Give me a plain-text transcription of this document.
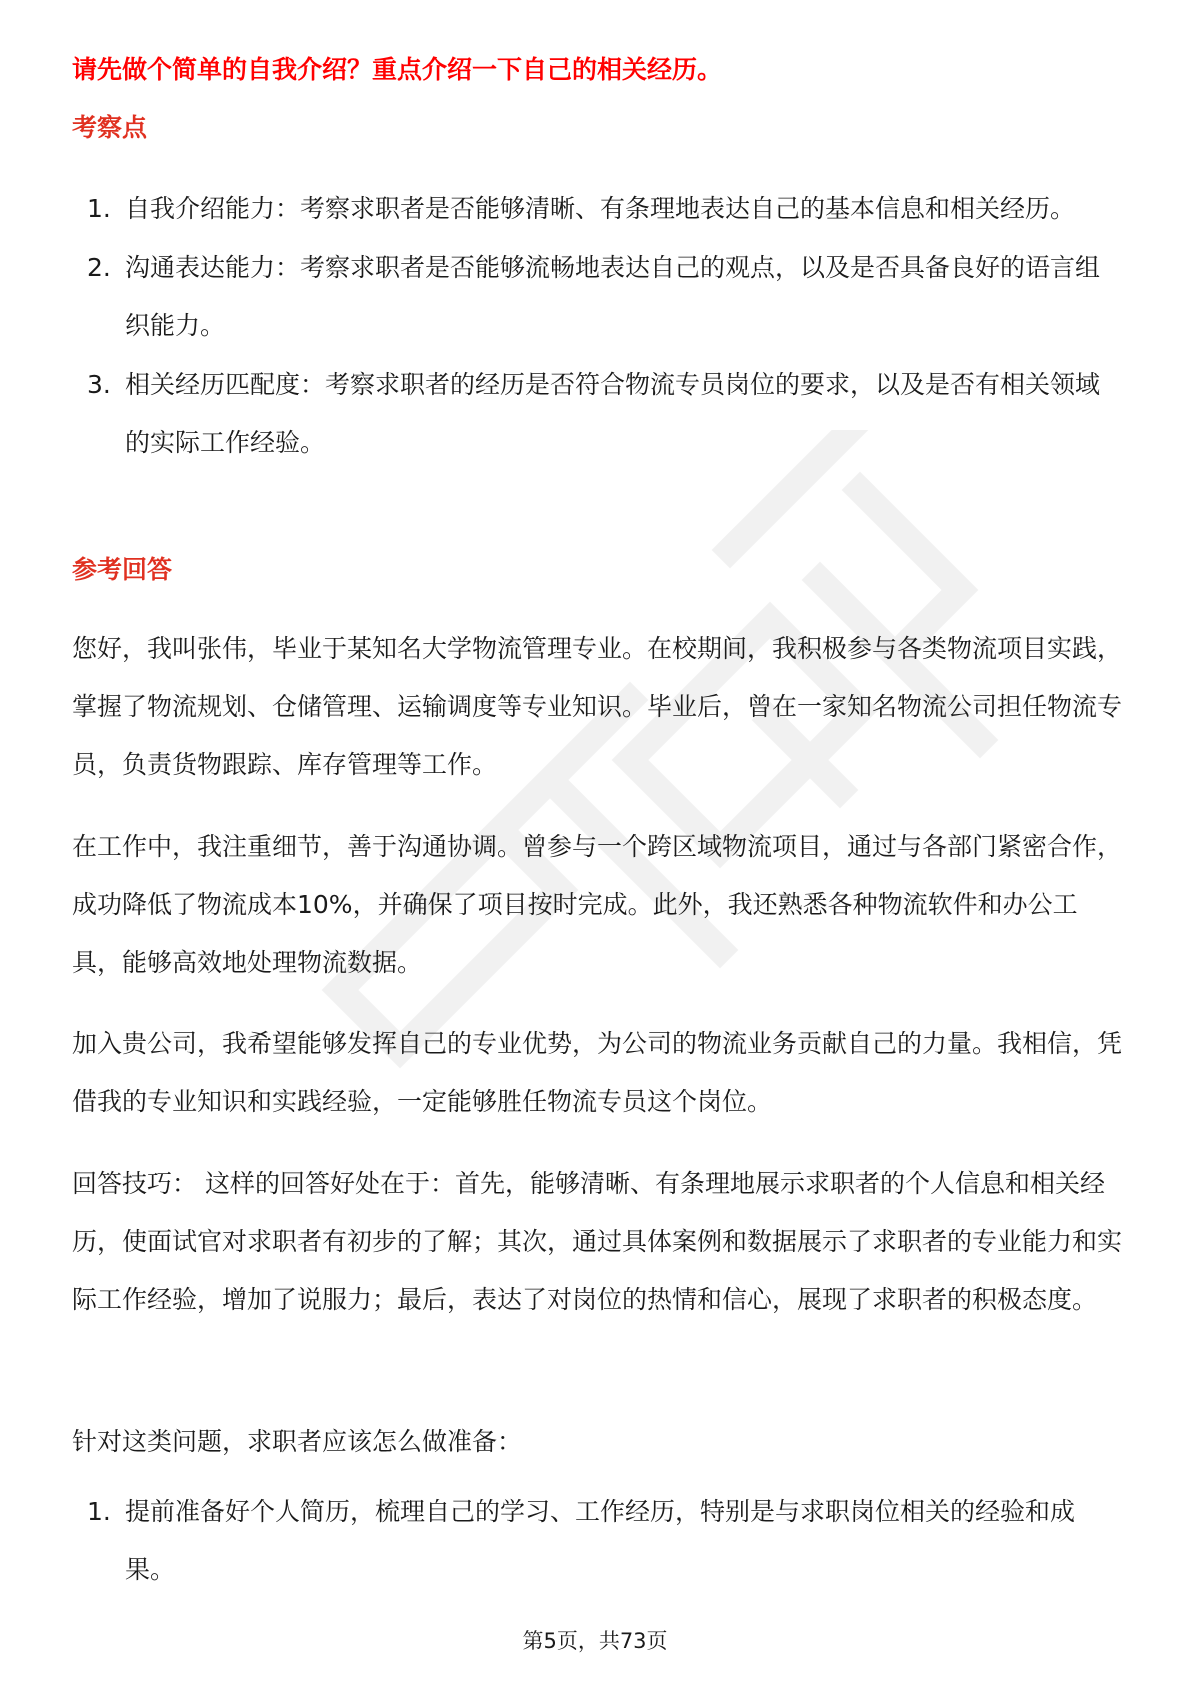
请先做个简单的自我介绍？重点介绍一下自己的相关经历。

考察点

1. 自我介绍能力：考察求职者是否能够清晰、有条理地表达自己的基本信息和相关经历。
2. 沟通表达能力：考察求职者是否能够流畅地表达自己的观点，以及是否具备良好的语言组织能力。
3. 相关经历匹配度：考察求职者的经历是否符合物流专员岗位的要求，以及是否有相关领域的实际工作经验。

参考回答

您好，我叫张伟，毕业于某知名大学物流管理专业。在校期间，我积极参与各类物流项目实践，掌握了物流规划、仓储管理、运输调度等专业知识。毕业后，曾在一家知名物流公司担任物流专员，负责货物跟踪、库存管理等工作。

在工作中，我注重细节，善于沟通协调。曾参与一个跨区域物流项目，通过与各部门紧密合作，成功降低了物流成本10%，并确保了项目按时完成。此外，我还熟悉各种物流软件和办公工具，能够高效地处理物流数据。

加入贵公司，我希望能够发挥自己的专业优势，为公司的物流业务贡献自己的力量。我相信，凭借我的专业知识和实践经验，一定能够胜任物流专员这个岗位。

回答技巧： 这样的回答好处在于：首先，能够清晰、有条理地展示求职者的个人信息和相关经历，使面试官对求职者有初步的了解；其次，通过具体案例和数据展示了求职者的专业能力和实际工作经验，增加了说服力；最后，表达了对岗位的热情和信心，展现了求职者的积极态度。

针对这类问题，求职者应该怎么做准备：

1. 提前准备好个人简历，梳理自己的学习、工作经历，特别是与求职岗位相关的经验和成果。
第5页，共73页
